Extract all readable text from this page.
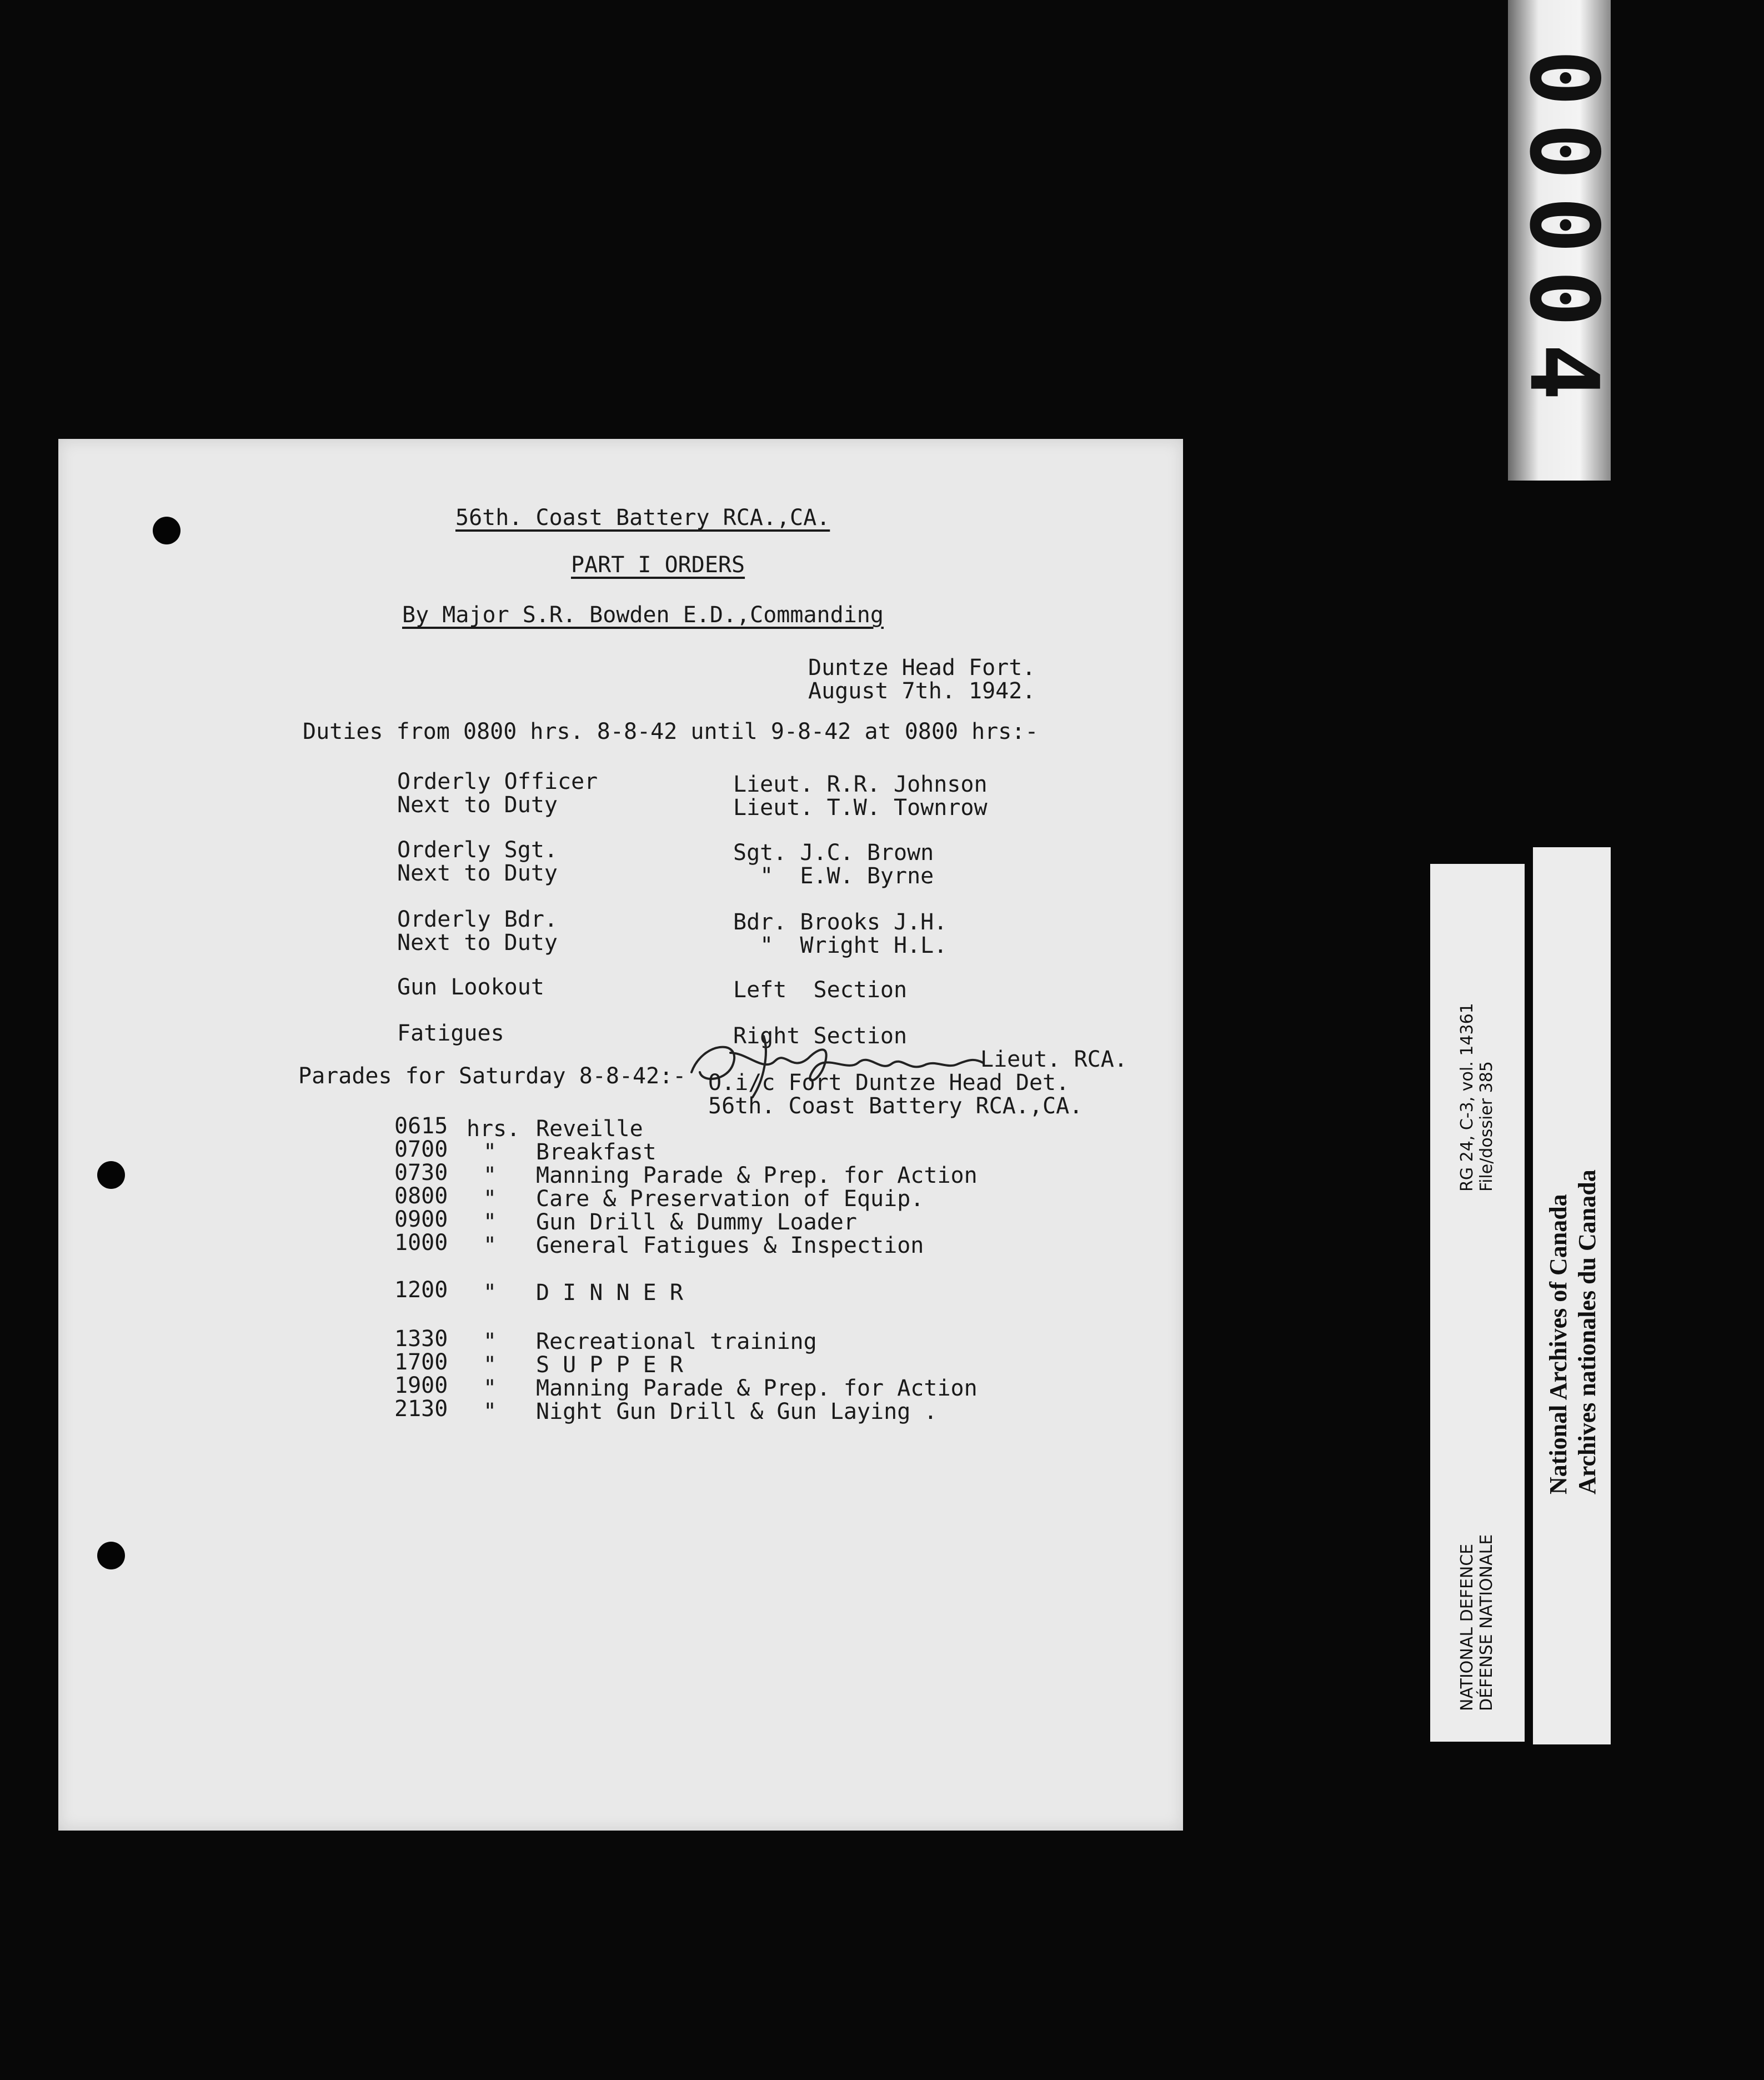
00004
56th. Coast Battery RCA.,CA.
PART I ORDERS
By Major S.R. Bowden E.D.,Commanding
Duntze Head Fort.
August 7th. 1942.
Duties from 0800 hrs. 8-8-42 until 9-8-42 at 0800 hrs:-
Orderly Officer	Lieut. R.R. Johnson
Next to Duty	Lieut. T.W. Townrow
Orderly Sgt.	Sgt. J.C. Brown
Next to Duty	"  E.W. Byrne
Orderly Bdr.	Bdr. Brooks J.H.
Next to Duty	"  Wright H.L.
Gun Lookout	Left  Section
Fatigues	Right Section
Parades for Saturday 8-8-42:-
0615 hrs. Reveille
0700 " Breakfast
0730 " Manning Parade & Prep. for Action
0800 " Care & Preservation of Equip.
0900 " Gun Drill & Dummy Loader
1000 " General Fatigues & Inspection
1200 " D I N N E R
1330 " Recreational training
1700 " S U P P E R
1900 " Manning Parade & Prep. for Action
2130 " Night Gun Drill & Gun Laying .
Lieut. RCA.
O.i/c Fort Duntze Head Det.
56th. Coast Battery RCA.,CA.
NATIONAL DEFENCE DÉFENSE NATIONALE
RG 24, C-3, vol. 14361 File/dossier 385
National Archives of Canada Archives nationales du Canada
